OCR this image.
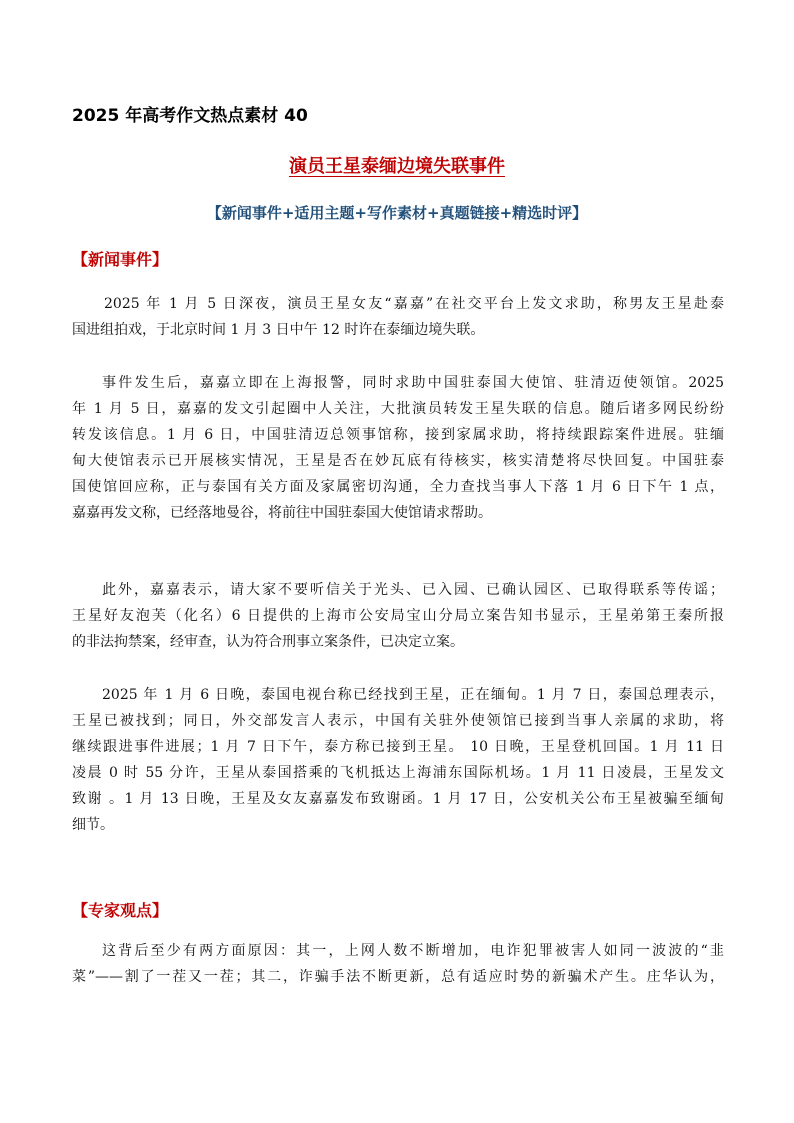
2025 年高考作文热点素材 40
演员王星泰缅边境失联事件
【新闻事件+适用主题+写作素材+真题链接+精选时评】
【新闻事件】
2025 年 1 月 5 日深夜，演员王星女友“嘉嘉”在社交平台上发文求助，称男友王星赴泰
国进组拍戏，于北京时间 1 月 3 日中午 12 时许在泰缅边境失联。
事件发生后，嘉嘉立即在上海报警，同时求助中国驻泰国大使馆、驻清迈使领馆。2025
年 1 月 5 日，嘉嘉的发文引起圈中人关注，大批演员转发王星失联的信息。随后诸多网民纷纷
转发该信息。1 月 6 日，中国驻清迈总领事馆称，接到家属求助，将持续跟踪案件进展。驻缅
甸大使馆表示已开展核实情况，王星是否在妙瓦底有待核实，核实清楚将尽快回复。中国驻泰
国使馆回应称，正与泰国有关方面及家属密切沟通，全力查找当事人下落 1 月 6 日下午 1 点，
嘉嘉再发文称，已经落地曼谷，将前往中国驻泰国大使馆请求帮助。
此外，嘉嘉表示，请大家不要听信关于光头、已入园、已确认园区、已取得联系等传谣；
王星好友泡芙（化名）6 日提供的上海市公安局宝山分局立案告知书显示，王星弟第王秦所报
的非法拘禁案，经审查，认为符合刑事立案条件，已决定立案。
2025 年 1 月 6 日晚，泰国电视台称已经找到王星，正在缅甸。1 月 7 日，泰国总理表示，
王星已被找到；同日，外交部发言人表示，中国有关驻外使领馆已接到当事人亲属的求助，将
继续跟进事件进展；1 月 7 日下午，泰方称已接到王星。 10 日晚，王星登机回国。1 月 11 日
凌晨 0 时 55 分许，王星从泰国搭乘的飞机抵达上海浦东国际机场。1 月 11 日凌晨，王星发文
致谢 。1 月 13 日晚，王星及女友嘉嘉发布致谢函。1 月 17 日，公安机关公布王星被骗至缅甸
细节。
【专家观点】
这背后至少有两方面原因：其一，上网人数不断增加，电诈犯罪被害人如同一波波的“韭
菜”——割了一茬又一茬；其二，诈骗手法不断更新，总有适应时势的新骗术产生。庄华认为，
